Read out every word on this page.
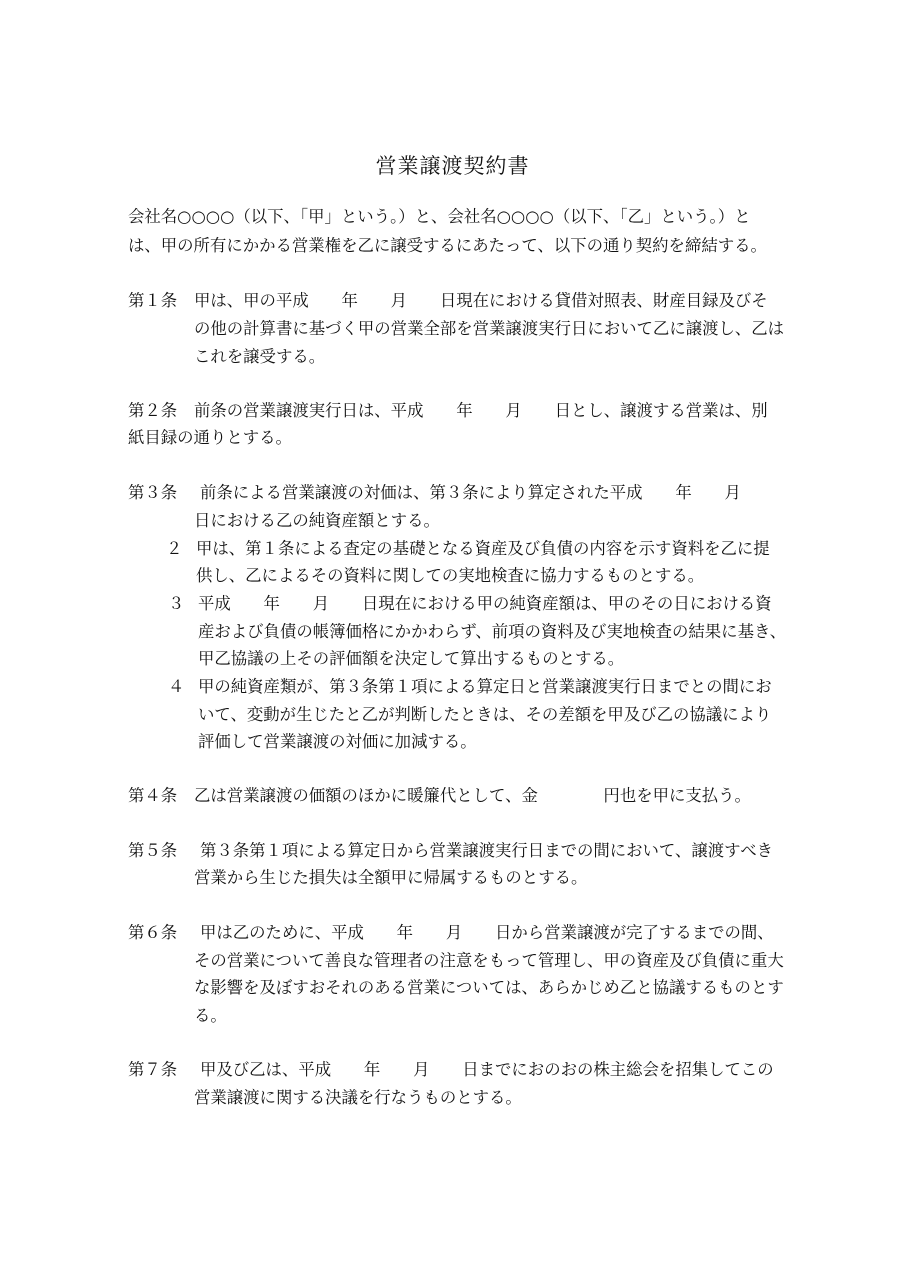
営業譲渡契約書
会社名○○○○（以下、「甲」という。）と、会社名○○○○（以下、「乙」という。）と
は、甲の所有にかかる営業権を乙に譲受するにあたって、以下の通り契約を締結する。
第１条 甲は、甲の平成　　年　　月　　日現在における貸借対照表、財産目録及びそ
の他の計算書に基づく甲の営業全部を営業譲渡実行日において乙に譲渡し、乙は
これを譲受する。
第２条 前条の営業譲渡実行日は、平成　　年　　月　　日とし、譲渡する営業は、別
紙目録の通りとする。
第３条 前条による営業譲渡の対価は、第３条により算定された平成　　年　　月
日における乙の純資産額とする。
２ 甲は、第１条による査定の基礎となる資産及び負債の内容を示す資料を乙に提
供し、乙によるその資料に関しての実地検査に協力するものとする。
３ 平成　　年　　月　　日現在における甲の純資産額は、甲のその日における資
産および負債の帳簿価格にかかわらず、前項の資料及び実地検査の結果に基き、
甲乙協議の上その評価額を決定して算出するものとする。
４ 甲の純資産類が、第３条第１項による算定日と営業譲渡実行日までとの間にお
いて、変動が生じたと乙が判断したときは、その差額を甲及び乙の協議により
評価して営業譲渡の対価に加減する。
第４条 乙は営業譲渡の価額のほかに暖簾代として、金　　　　円也を甲に支払う。
第５条 第３条第１項による算定日から営業譲渡実行日までの間において、譲渡すべき
営業から生じた損失は全額甲に帰属するものとする。
第６条 甲は乙のために、平成　　年　　月　　日から営業譲渡が完了するまでの間、
その営業について善良な管理者の注意をもって管理し、甲の資産及び負債に重大
な影響を及ぼすおそれのある営業については、あらかじめ乙と協議するものとす
る。
第７条 甲及び乙は、平成　　年　　月　　日までにおのおの株主総会を招集してこの
営業譲渡に関する決議を行なうものとする。
